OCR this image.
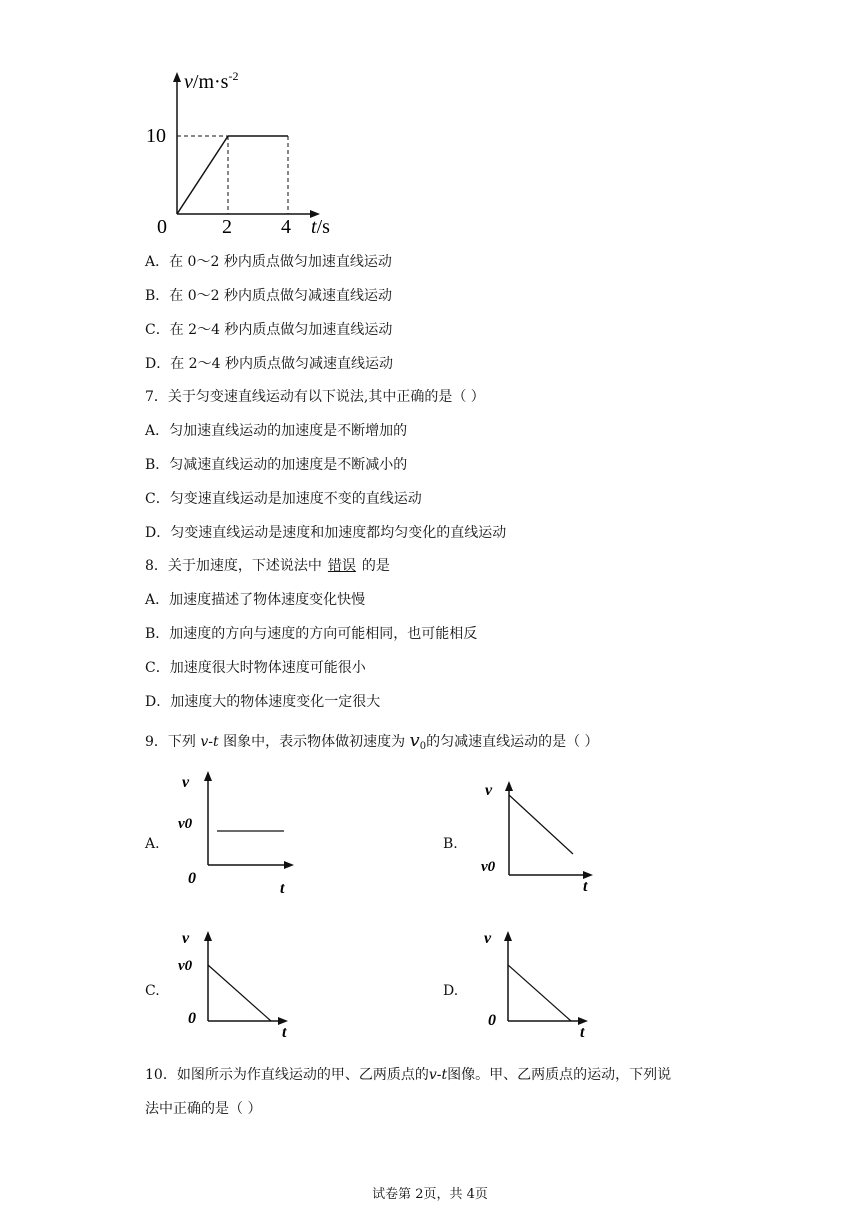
$v/m\cdot s^{-2}$
10
0	2 4 t/s
A．在 0～2 秒内质点做匀加速直线运动
B．在 0～2 秒内质点做匀减速直线运动
C．在 2～4 秒内质点做匀加速直线运动
D．在 2～4 秒内质点做匀减速直线运动
7．关于匀变速直线运动有以下说法,其中正确的是（ ）
A．匀加速直线运动的加速度是不断增加的
B．匀减速直线运动的加速度是不断减小的
C．匀变速直线运动是加速度不变的直线运动
D．匀变速直线运动是速度和加速度都均匀变化的直线运动
8．关于加速度，下述说法中 错误 的是
A．加速度描述了物体速度变化快慢
B．加速度的方向与速度的方向可能相同，也可能相反
C．加速度很大时物体速度可能很小
D．加速度大的物体速度变化一定很大
9．下列 v-t 图象中，表示物体做初速度为 $v_0$的匀减速直线运动的是（ ）
A.	B.
C.	D.
v
v0
0
t
v
v0
t
v
v0
0
t
v
0
t
10．如图所示为作直线运动的甲、乙两质点的v-t图像。甲、乙两质点的运动，下列说
法中正确的是（ ）
试卷第 2页，共 4页
